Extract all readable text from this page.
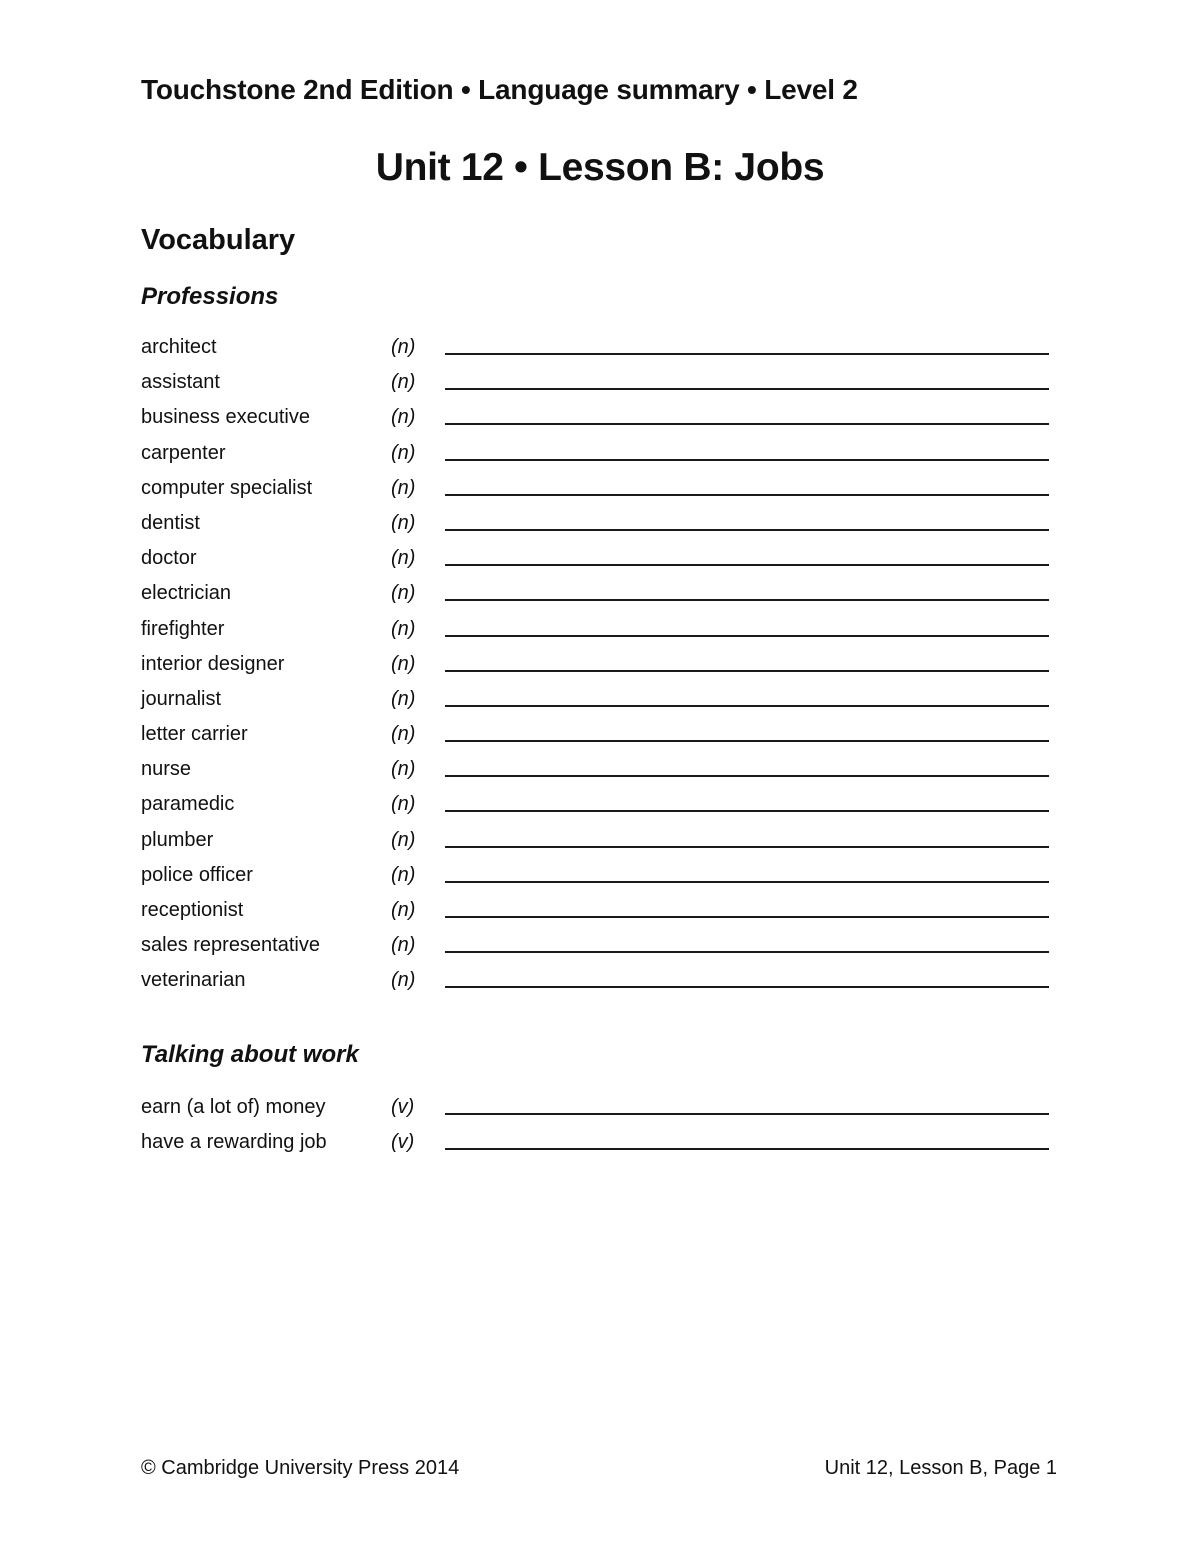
Touchstone 2nd Edition • Language summary • Level 2
Unit 12 • Lesson B: Jobs
Vocabulary
Professions
architect	(n)
assistant	(n)
business executive	(n)
carpenter	(n)
computer specialist	(n)
dentist	(n)
doctor	(n)
electrician	(n)
firefighter	(n)
interior designer	(n)
journalist	(n)
letter carrier	(n)
nurse	(n)
paramedic	(n)
plumber	(n)
police officer	(n)
receptionist	(n)
sales representative	(n)
veterinarian	(n)
Talking about work
earn (a lot of) money	(v)
have a rewarding job	(v)
© Cambridge University Press 2014	Unit 12, Lesson B, Page 1
